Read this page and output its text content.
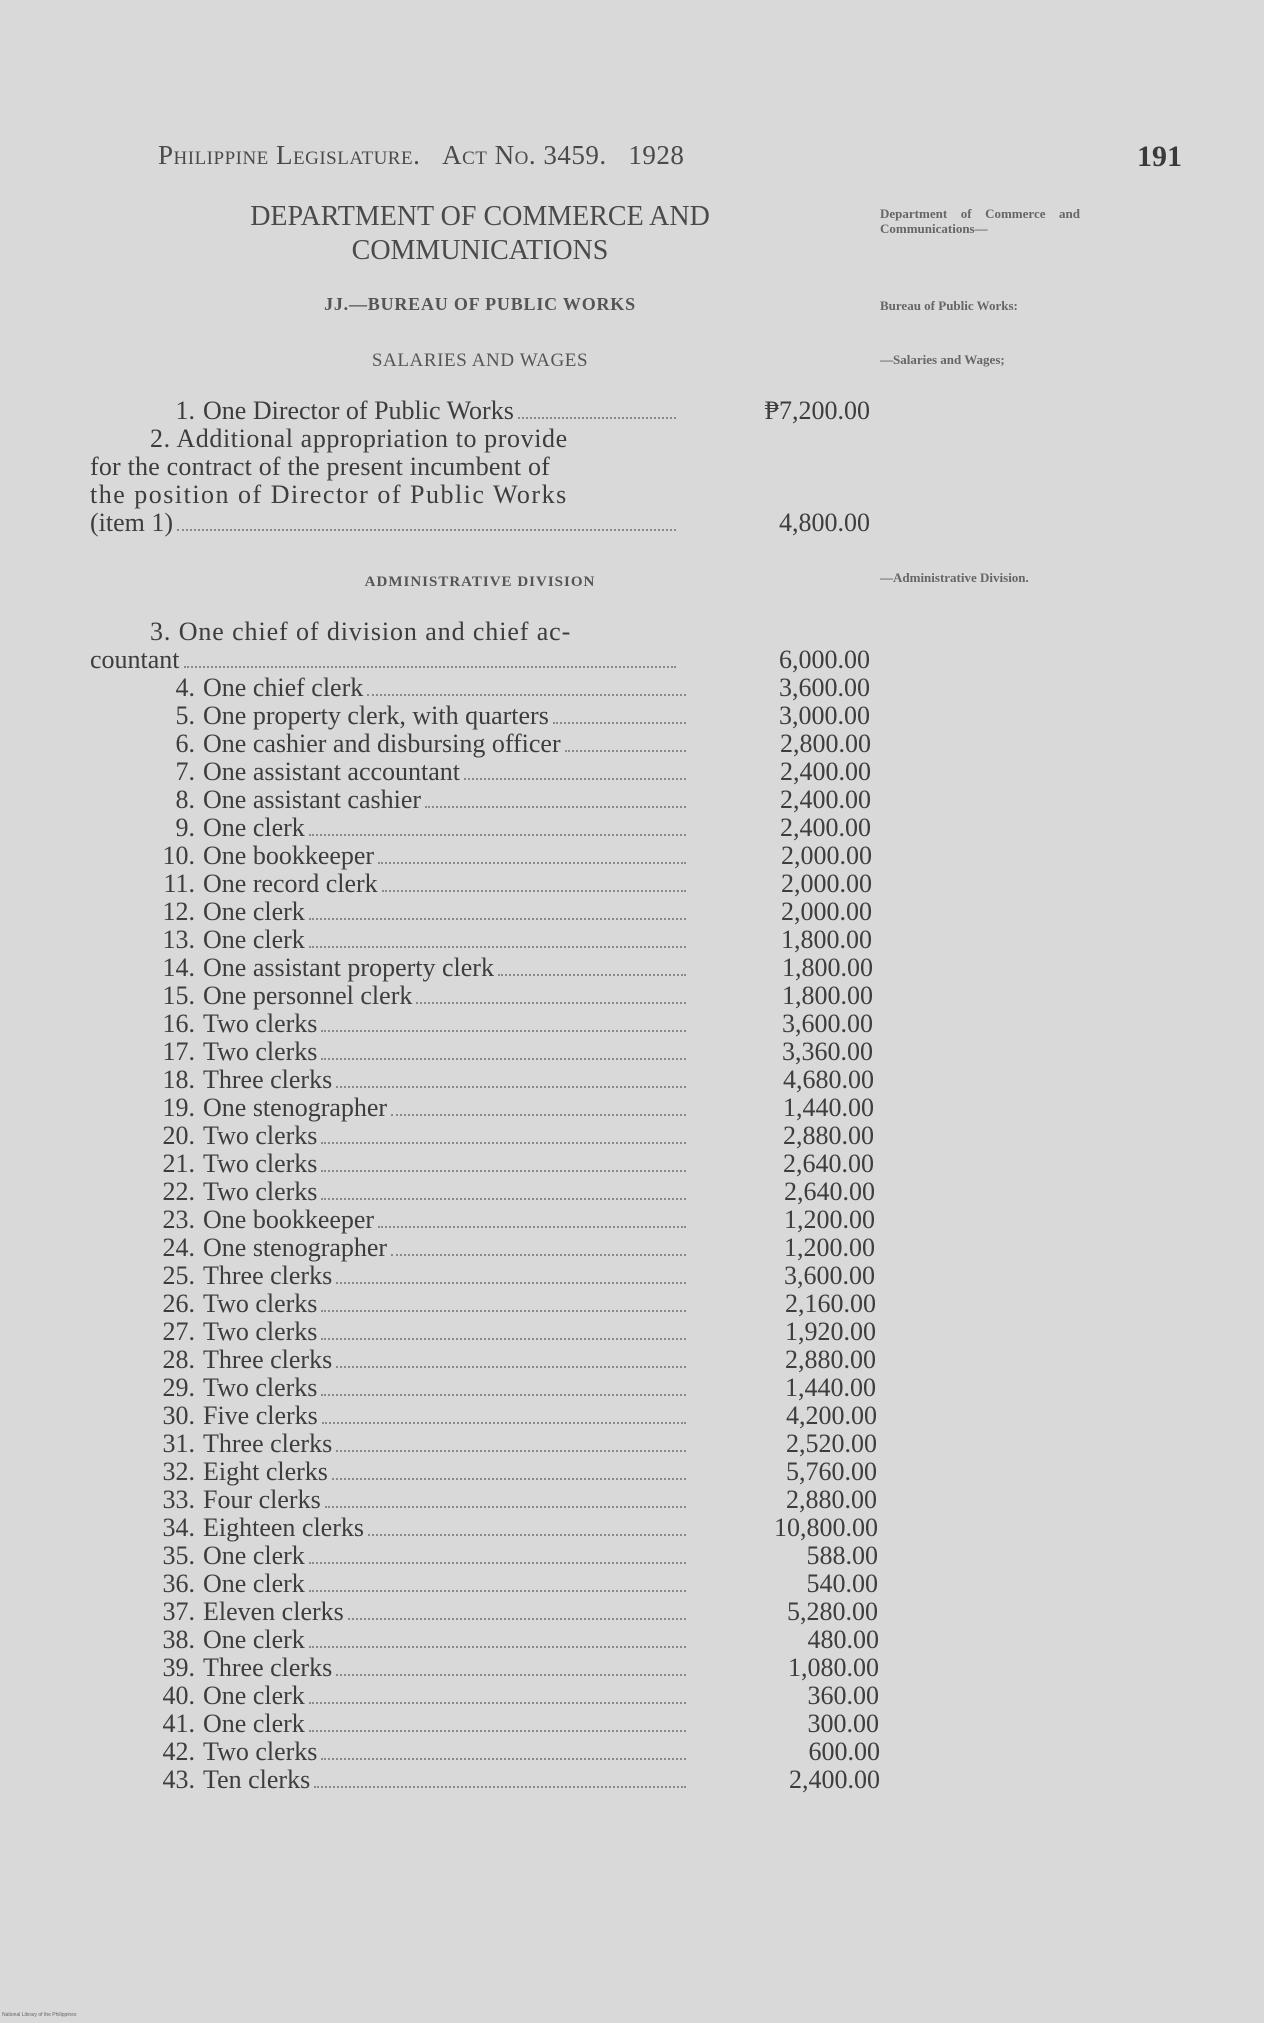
Philippine Legislature. Act No. 3459. 1928	191
DEPARTMENT OF COMMERCE AND
COMMUNICATIONS
JJ.—BUREAU OF PUBLIC WORKS
SALARIES AND WAGES
Department of Commerce and Communications—
Bureau of Public Works:
—Salaries and Wages;
—Administrative Division.
1. One Director of Public Works	₱7,200.00
2. Additional appropriation to provide
for the contract of the present incumbent of
the position of Director of Public Works
(item 1)	4,800.00
ADMINISTRATIVE DIVISION
3. One chief of division and chief ac-
countant	6,000.00
4. One chief clerk	3,600.00
5. One property clerk, with quarters	3,000.00
6. One cashier and disbursing officer	2,800.00
7. One assistant accountant	2,400.00
8. One assistant cashier	2,400.00
9. One clerk	2,400.00
10. One bookkeeper	2,000.00
11. One record clerk	2,000.00
12. One clerk	2,000.00
13. One clerk	1,800.00
14. One assistant property clerk	1,800.00
15. One personnel clerk	1,800.00
16. Two clerks	3,600.00
17. Two clerks	3,360.00
18. Three clerks	4,680.00
19. One stenographer	1,440.00
20. Two clerks	2,880.00
21. Two clerks	2,640.00
22. Two clerks	2,640.00
23. One bookkeeper	1,200.00
24. One stenographer	1,200.00
25. Three clerks	3,600.00
26. Two clerks	2,160.00
27. Two clerks	1,920.00
28. Three clerks	2,880.00
29. Two clerks	1,440.00
30. Five clerks	4,200.00
31. Three clerks	2,520.00
32. Eight clerks	5,760.00
33. Four clerks	2,880.00
34. Eighteen clerks	10,800.00
35. One clerk	588.00
36. One clerk	540.00
37. Eleven clerks	5,280.00
38. One clerk	480.00
39. Three clerks	1,080.00
40. One clerk	360.00
41. One clerk	300.00
42. Two clerks	600.00
43. Ten clerks	2,400.00
National Library of the Philippines
